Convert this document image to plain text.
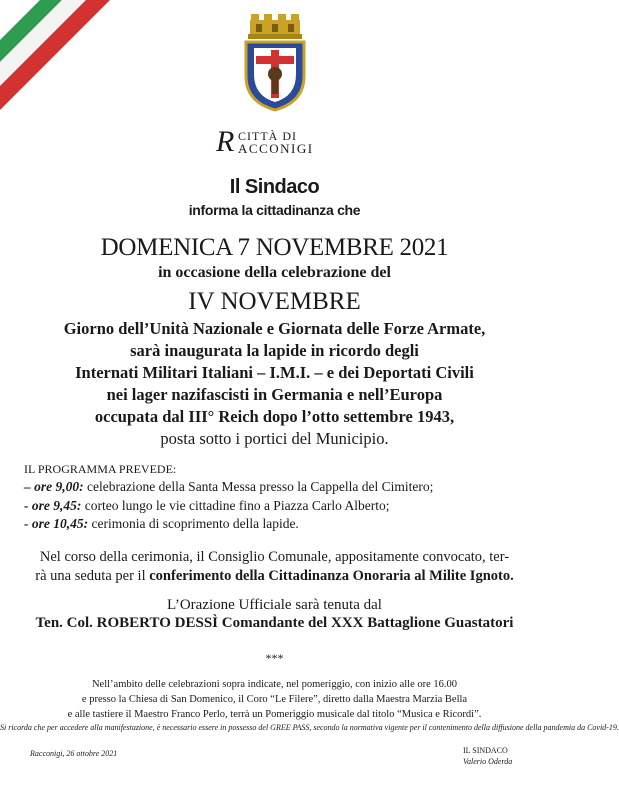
R CITTÀ DI
ACCONIGI
Il Sindaco
informa la cittadinanza che
DOMENICA 7 NOVEMBRE 2021
in occasione della celebrazione del
IV NOVEMBRE
Giorno dell’Unità Nazionale e Giornata delle Forze Armate,
sarà inaugurata la lapide in ricordo degli
Internati Militari Italiani – I.M.I. – e dei Deportati Civili
nei lager nazifascisti in Germania e nell’Europa
occupata dal III° Reich dopo l’otto settembre 1943,
posta sotto i portici del Municipio.
IL PROGRAMMA PREVEDE:
– ore 9,00: celebrazione della Santa Messa presso la Cappella del Cimitero;
- ore 9,45: corteo lungo le vie cittadine fino a Piazza Carlo Alberto;
- ore 10,45: cerimonia di scoprimento della lapide.
Nel corso della cerimonia, il Consiglio Comunale, appositamente convocato, ter-
rà una seduta per il conferimento della Cittadinanza Onoraria al Milite Ignoto.
L’Orazione Ufficiale sarà tenuta dal
Ten. Col. ROBERTO DESSÌ Comandante del XXX Battaglione Guastatori
***
Nell’ambito delle celebrazioni sopra indicate, nel pomeriggio, con inizio alle ore 16.00
e presso la Chiesa di San Domenico, il Coro “Le Filere”, diretto dalla Maestra Marzia Bella
e alle tastiere il Maestro Franco Perlo, terrà un Pomeriggio musicale dal titolo “Musica e Ricordi”.
Si ricorda che per accedere alla manifestazione, è necessario essere in possesso del GREE PASS, secondo la normativa vigente per il contenimento della diffusione della pandemia da Covid-19.
Racconigi, 26 ottobre 2021	IL SINDACO
Valerio Oderda
